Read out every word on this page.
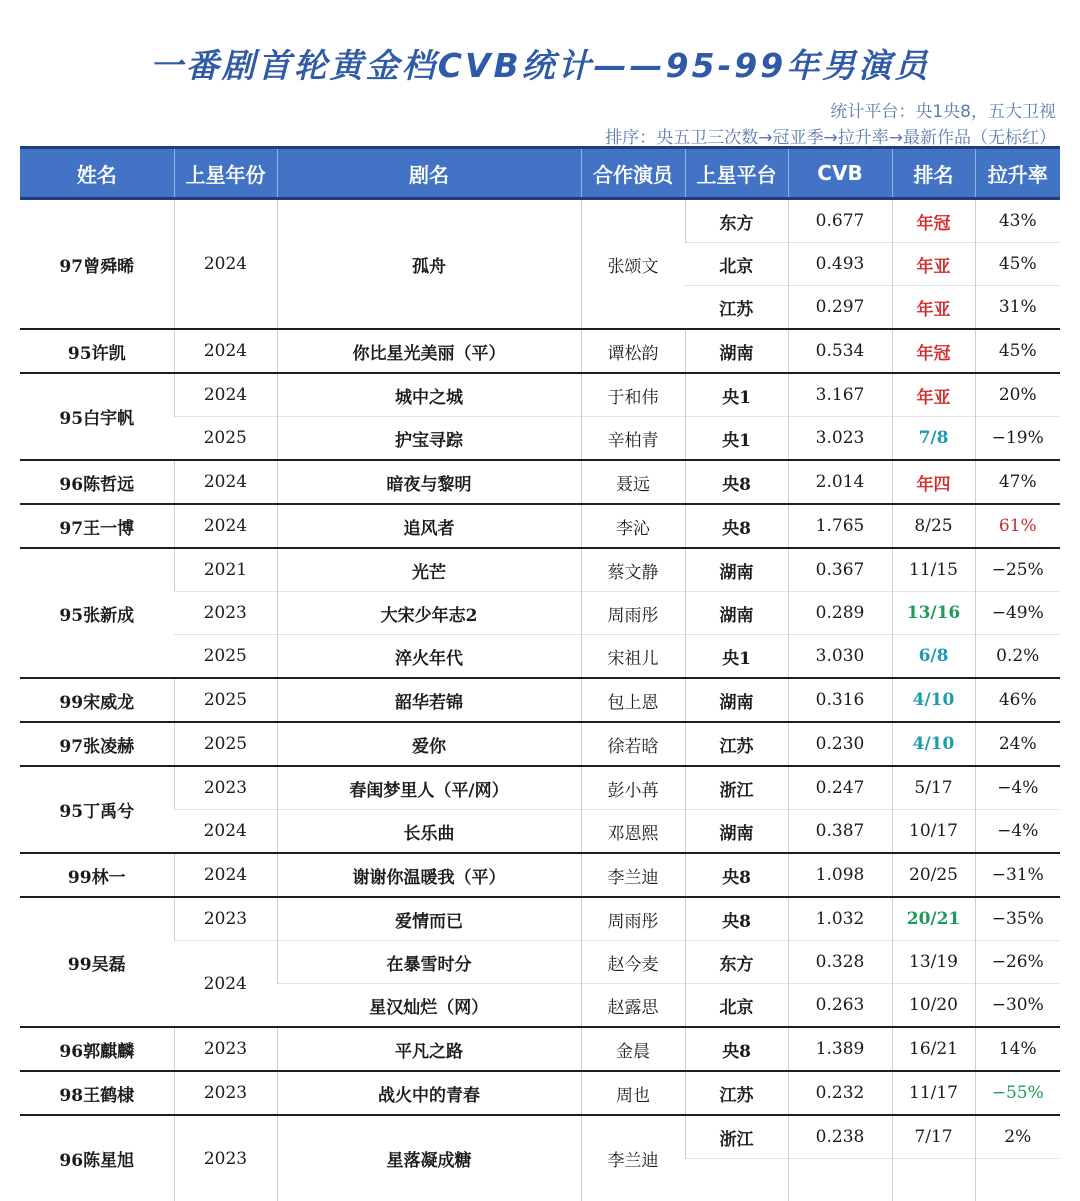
一番剧首轮黄金档CVB统计——95-99年男演员
统计平台：央1央8，五大卫视
排序：央五卫三次数→冠亚季→拉升率→最新作品（无标红）
姓名	上星年份	剧名	合作演员	上星平台	CVB	排名	拉升率
97曾舜晞	2024	孤舟	张颂文	东方	0.677	年冠	43%
				北京	0.493	年亚	45%
				江苏	0.297	年亚	31%
95许凯	2024	你比星光美丽（平）	谭松韵	湖南	0.534	年冠	45%
95白宇帆	2024	城中之城	于和伟	央1	3.167	年亚	20%
	2025	护宝寻踪	辛柏青	央1	3.023	7/8	−19%
96陈哲远	2024	暗夜与黎明	聂远	央8	2.014	年四	47%
97王一博	2024	追风者	李沁	央8	1.765	8/25	61%
95张新成	2021	光芒	蔡文静	湖南	0.367	11/15	−25%
	2023	大宋少年志2	周雨彤	湖南	0.289	13/16	−49%
	2025	淬火年代	宋祖儿	央1	3.030	6/8	0.2%
99宋威龙	2025	韶华若锦	包上恩	湖南	0.316	4/10	46%
97张凌赫	2025	爱你	徐若晗	江苏	0.230	4/10	24%
95丁禹兮	2023	春闺梦里人（平/网）	彭小苒	浙江	0.247	5/17	−4%
	2024	长乐曲	邓恩熙	湖南	0.387	10/17	−4%
99林一	2024	谢谢你温暖我（平）	李兰迪	央8	1.098	20/25	−31%
99吴磊	2023	爱情而已	周雨彤	央8	1.032	20/21	−35%
	2024	在暴雪时分	赵今麦	东方	0.328	13/19	−26%
		星汉灿烂（网）	赵露思	北京	0.263	10/20	−30%
96郭麒麟	2023	平凡之路	金晨	央8	1.389	16/21	14%
98王鹤棣	2023	战火中的青春	周也	江苏	0.232	11/17	−55%
96陈星旭	2023	星落凝成糖	李兰迪	浙江	0.238	7/17	2%
